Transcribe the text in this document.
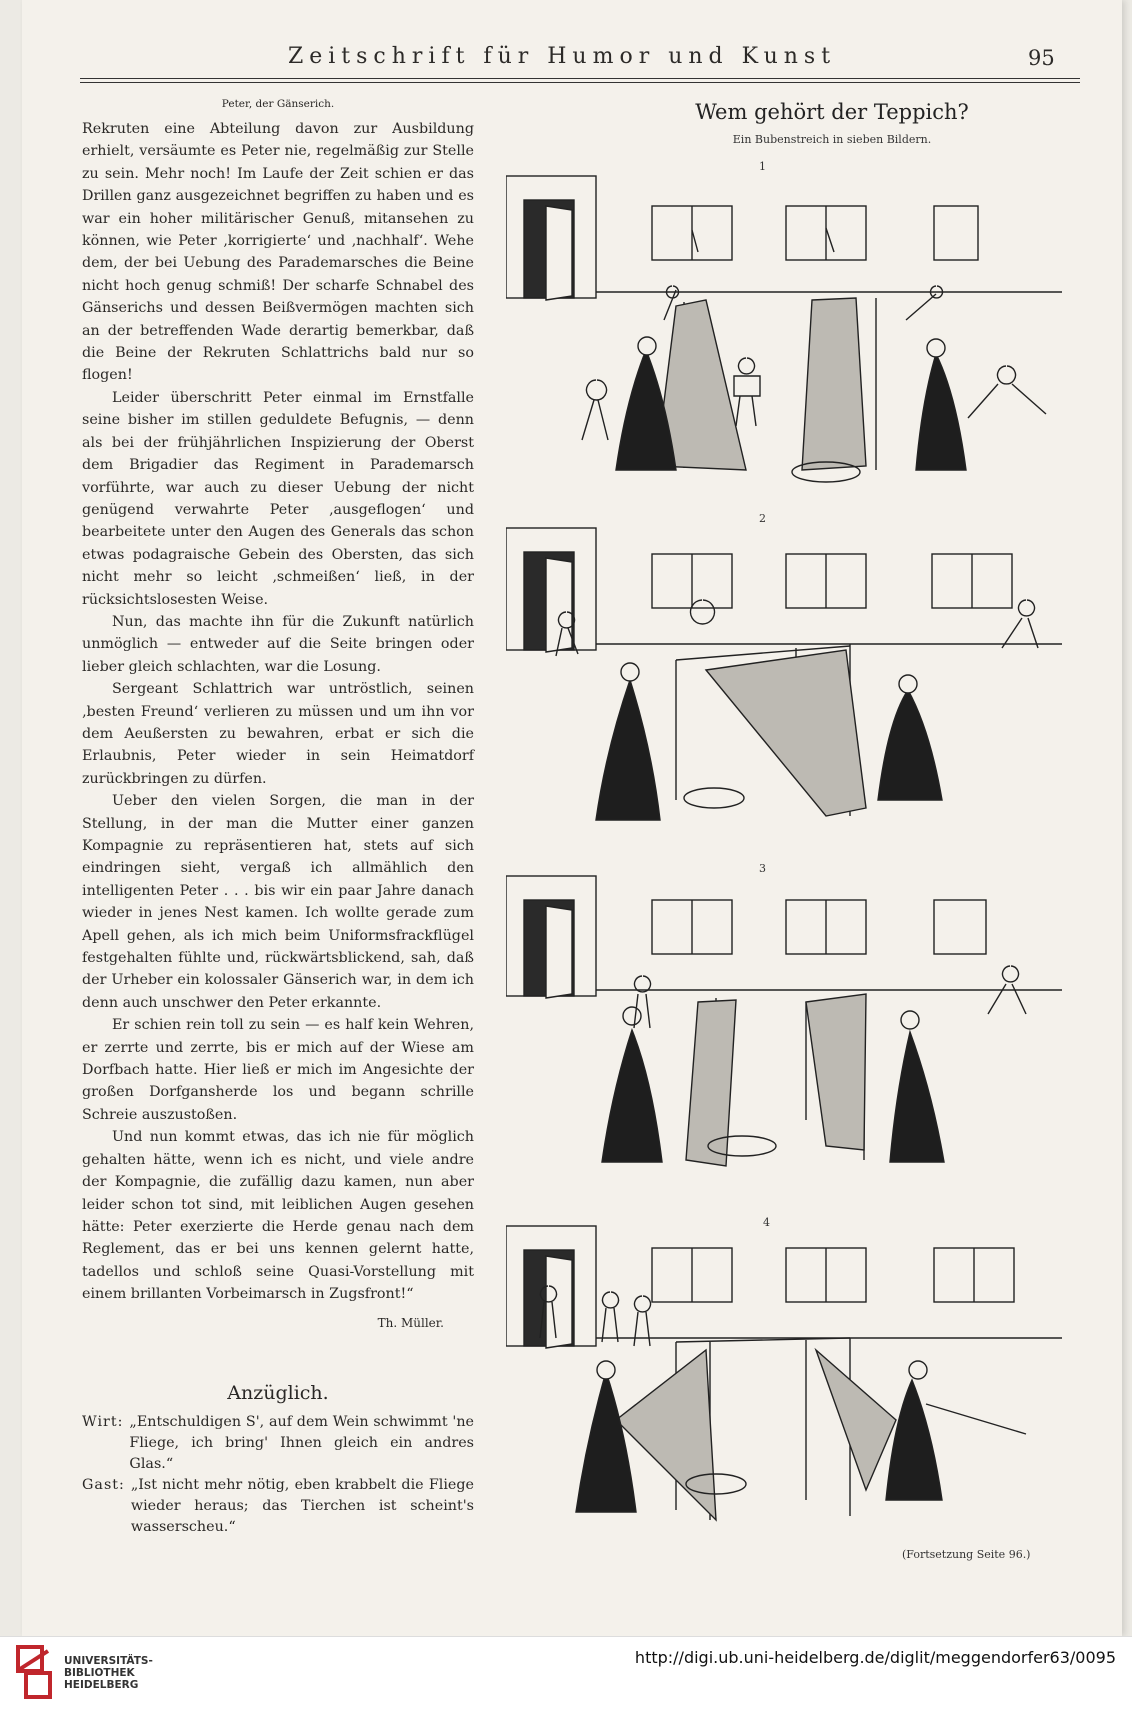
Zeitschrift für Humor und Kunst	95
Peter, der Gänserich.

Rekruten eine Abteilung davon zur Ausbildung erhielt, versäumte es Peter nie, regelmäßig zur Stelle zu sein. Mehr noch! Im Laufe der Zeit schien er das Drillen ganz ausgezeichnet begriffen zu haben und es war ein hoher militärischer Genuß, mitansehen zu können, wie Peter ‚korrigierte‘ und ‚nachhalf‘. Wehe dem, der bei Uebung des Parademarsches die Beine nicht hoch genug schmiß! Der scharfe Schnabel des Gänserichs und dessen Beißvermögen machten sich an der betreffenden Wade derartig bemerkbar, daß die Beine der Rekruten Schlattrichs bald nur so flogen!

Leider überschritt Peter einmal im Ernstfalle seine bisher im stillen geduldete Befugnis, — denn als bei der frühjährlichen Inspizierung der Oberst dem Brigadier das Regiment in Parademarsch vorführte, war auch zu dieser Uebung der nicht genügend verwahrte Peter ‚ausgeflogen‘ und bearbeitete unter den Augen des Generals das schon etwas podagraische Gebein des Obersten, das sich nicht mehr so leicht ‚schmeißen‘ ließ, in der rücksichtslosesten Weise.

Nun, das machte ihn für die Zukunft natürlich unmöglich — entweder auf die Seite bringen oder lieber gleich schlachten, war die Losung.

Sergeant Schlattrich war untröstlich, seinen ‚besten Freund‘ verlieren zu müssen und um ihn vor dem Aeußersten zu bewahren, erbat er sich die Erlaubnis, Peter wieder in sein Heimatdorf zurückbringen zu dürfen.

Ueber den vielen Sorgen, die man in der Stellung, in der man die Mutter einer ganzen Kompagnie zu repräsentieren hat, stets auf sich eindringen sieht, vergaß ich allmählich den intelligenten Peter . . . bis wir ein paar Jahre danach wieder in jenes Nest kamen. Ich wollte gerade zum Apell gehen, als ich mich beim Uniformsfrackflügel festgehalten fühlte und, rückwärtsblickend, sah, daß der Urheber ein kolossaler Gänserich war, in dem ich denn auch unschwer den Peter erkannte.

Er schien rein toll zu sein — es half kein Wehren, er zerrte und zerrte, bis er mich auf der Wiese am Dorfbach hatte. Hier ließ er mich im Angesichte der großen Dorfgansherde los und begann schrille Schreie auszustoßen.

Und nun kommt etwas, das ich nie für möglich gehalten hätte, wenn ich es nicht, und viele andre der Kompagnie, die zufällig dazu kamen, nun aber leider schon tot sind, mit leiblichen Augen gesehen hätte: Peter exerzierte die Herde genau nach dem Reglement, das er bei uns kennen gelernt hatte, tadellos und schloß seine Quasi-Vorstellung mit einem brillanten Vorbeimarsch in Zugsfront!“

Th. Müller.
Anzüglich.
Wirt: „Entschuldigen S', auf dem Wein schwimmt 'ne Fliege, ich bring' Ihnen gleich ein andres Glas.“
Gast: „Ist nicht mehr nötig, eben krabbelt die Fliege wieder heraus; das Tierchen ist scheint's wasserscheu.“
Wem gehört der Teppich?
Ein Bubenstreich in sieben Bildern.
1
2
3
4
(Fortsetzung Seite 96.)
UNIVERSITÄTS-
BIBLIOTHEK
HEIDELBERG
http://digi.ub.uni-heidelberg.de/diglit/meggendorfer63/0095
